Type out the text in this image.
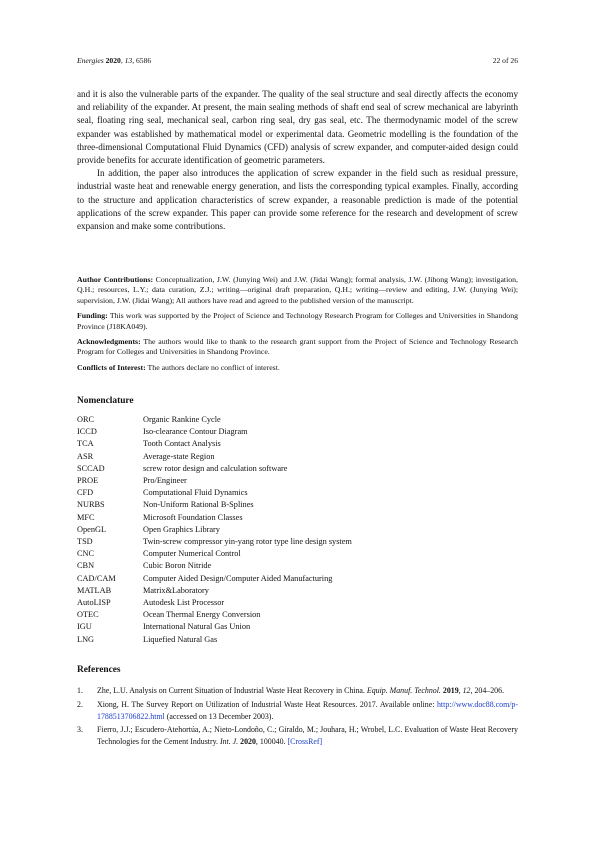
Energies 2020, 13, 6586	22 of 26

and it is also the vulnerable parts of the expander. The quality of the seal structure and seal directly affects the economy and reliability of the expander. At present, the main sealing methods of shaft end seal of screw mechanical are labyrinth seal, floating ring seal, mechanical seal, carbon ring seal, dry gas seal, etc. The thermodynamic model of the screw expander was established by mathematical model or experimental data. Geometric modelling is the foundation of the three-dimensional Computational Fluid Dynamics (CFD) analysis of screw expander, and computer-aided design could provide benefits for accurate identification of geometric parameters.

In addition, the paper also introduces the application of screw expander in the field such as residual pressure, industrial waste heat and renewable energy generation, and lists the corresponding typical examples. Finally, according to the structure and application characteristics of screw expander, a reasonable prediction is made of the potential applications of the screw expander. This paper can provide some reference for the research and development of screw expansion and make some contributions.

Author Contributions: Conceptualization, J.W. (Junying Wei) and J.W. (Jidai Wang); formal analysis, J.W. (Jihong Wang); investigation, Q.H.; resources, L.Y.; data curation, Z.J.; writing—original draft preparation, Q.H.; writing—review and editing, J.W. (Junying Wei); supervision, J.W. (Jidai Wang); All authors have read and agreed to the published version of the manuscript.

Funding: This work was supported by the Project of Science and Technology Research Program for Colleges and Universities in Shandong Province (J18KA049).

Acknowledgments: The authors would like to thank to the research grant support from the Project of Science and Technology Research Program for Colleges and Universities in Shandong Province.

Conflicts of Interest: The authors declare no conflict of interest.

Nomenclature
ORC	Organic Rankine Cycle
ICCD	Iso-clearance Contour Diagram
TCA	Tooth Contact Analysis
ASR	Average-state Region
SCCAD	screw rotor design and calculation software
PROE	Pro/Engineer
CFD	Computational Fluid Dynamics
NURBS	Non-Uniform Rational B-Splines
MFC	Microsoft Foundation Classes
OpenGL	Open Graphics Library
TSD	Twin-screw compressor yin-yang rotor type line design system
CNC	Computer Numerical Control
CBN	Cubic Boron Nitride
CAD/CAM	Computer Aided Design/Computer Aided Manufacturing
MATLAB	Matrix&Laboratory
AutoLISP	Autodesk List Processor
OTEC	Ocean Thermal Energy Conversion
IGU	International Natural Gas Union
LNG	Liquefied Natural Gas
References
1.	Zhe, L.U. Analysis on Current Situation of Industrial Waste Heat Recovery in China. Equip. Manuf. Technol. 2019, 12, 204–206.
2.	Xiong, H. The Survey Report on Utilization of Industrial Waste Heat Resources. 2017. Available online: http://www.doc88.com/p-1788513706822.html (accessed on 13 December 2003).
3.	Fierro, J.J.; Escudero-Atehortúa, A.; Nieto-Londoño, C.; Giraldo, M.; Jouhara, H.; Wrobel, L.C. Evaluation of Waste Heat Recovery Technologies for the Cement Industry. Int. J. 2020, 100040. [CrossRef]
